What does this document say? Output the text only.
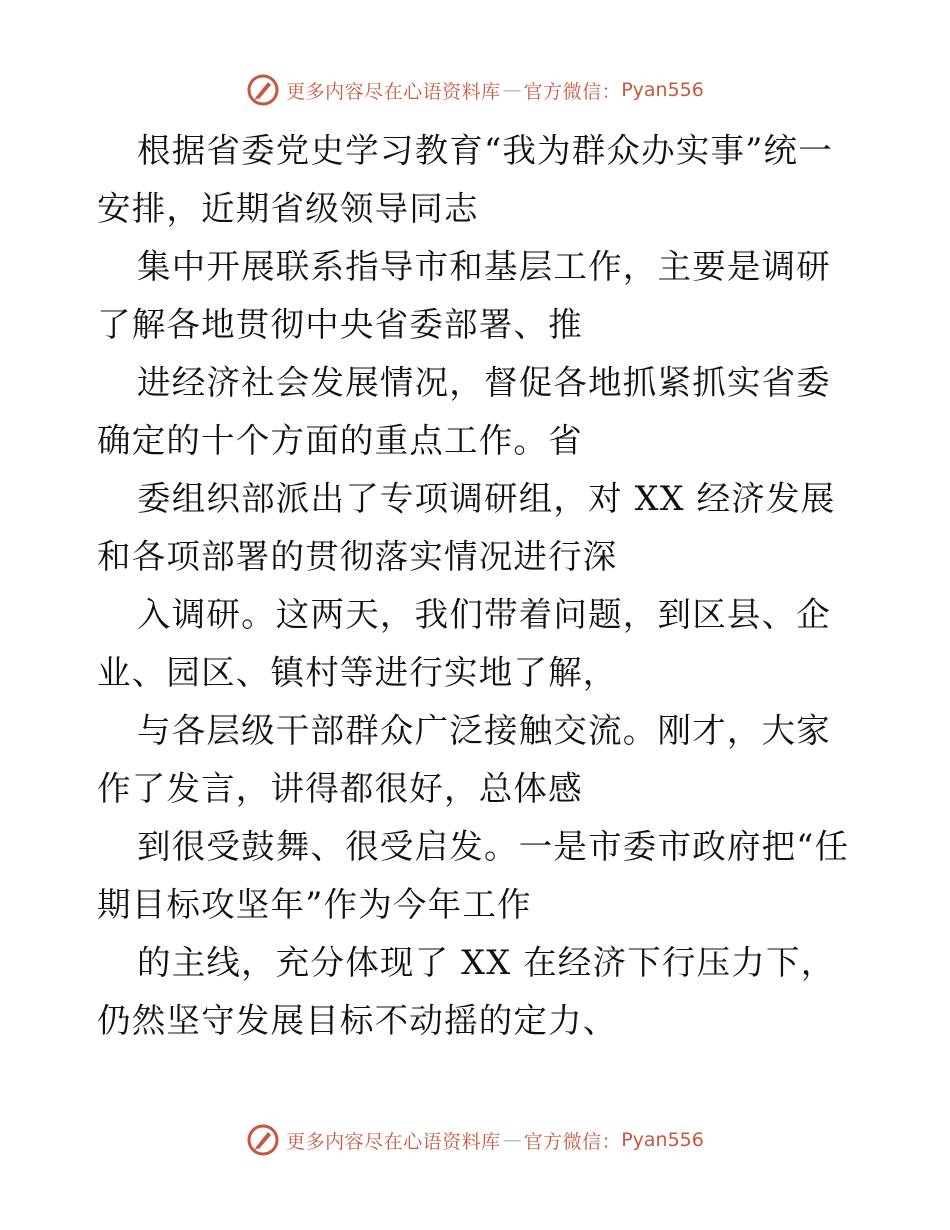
更多内容尽在心语资料库 — 官方微信： Pyan556

根据省委党史学习教育“我为群众办实事”统一安排，近期省级领导同志

集中开展联系指导市和基层工作，主要是调研了解各地贯彻中央省委部署、推

进经济社会发展情况，督促各地抓紧抓实省委确定的十个方面的重点工作。省

委组织部派出了专项调研组，对 XX 经济发展和各项部署的贯彻落实情况进行深

入调研。这两天，我们带着问题，到区县、企业、园区、镇村等进行实地了解，

与各层级干部群众广泛接触交流。刚才，大家作了发言，讲得都很好，总体感

到很受鼓舞、很受启发。一是市委市政府把“任期目标攻坚年”作为今年工作

的主线，充分体现了 XX 在经济下行压力下，仍然坚守发展目标不动摇的定力、

更多内容尽在心语资料库 — 官方微信： Pyan556
